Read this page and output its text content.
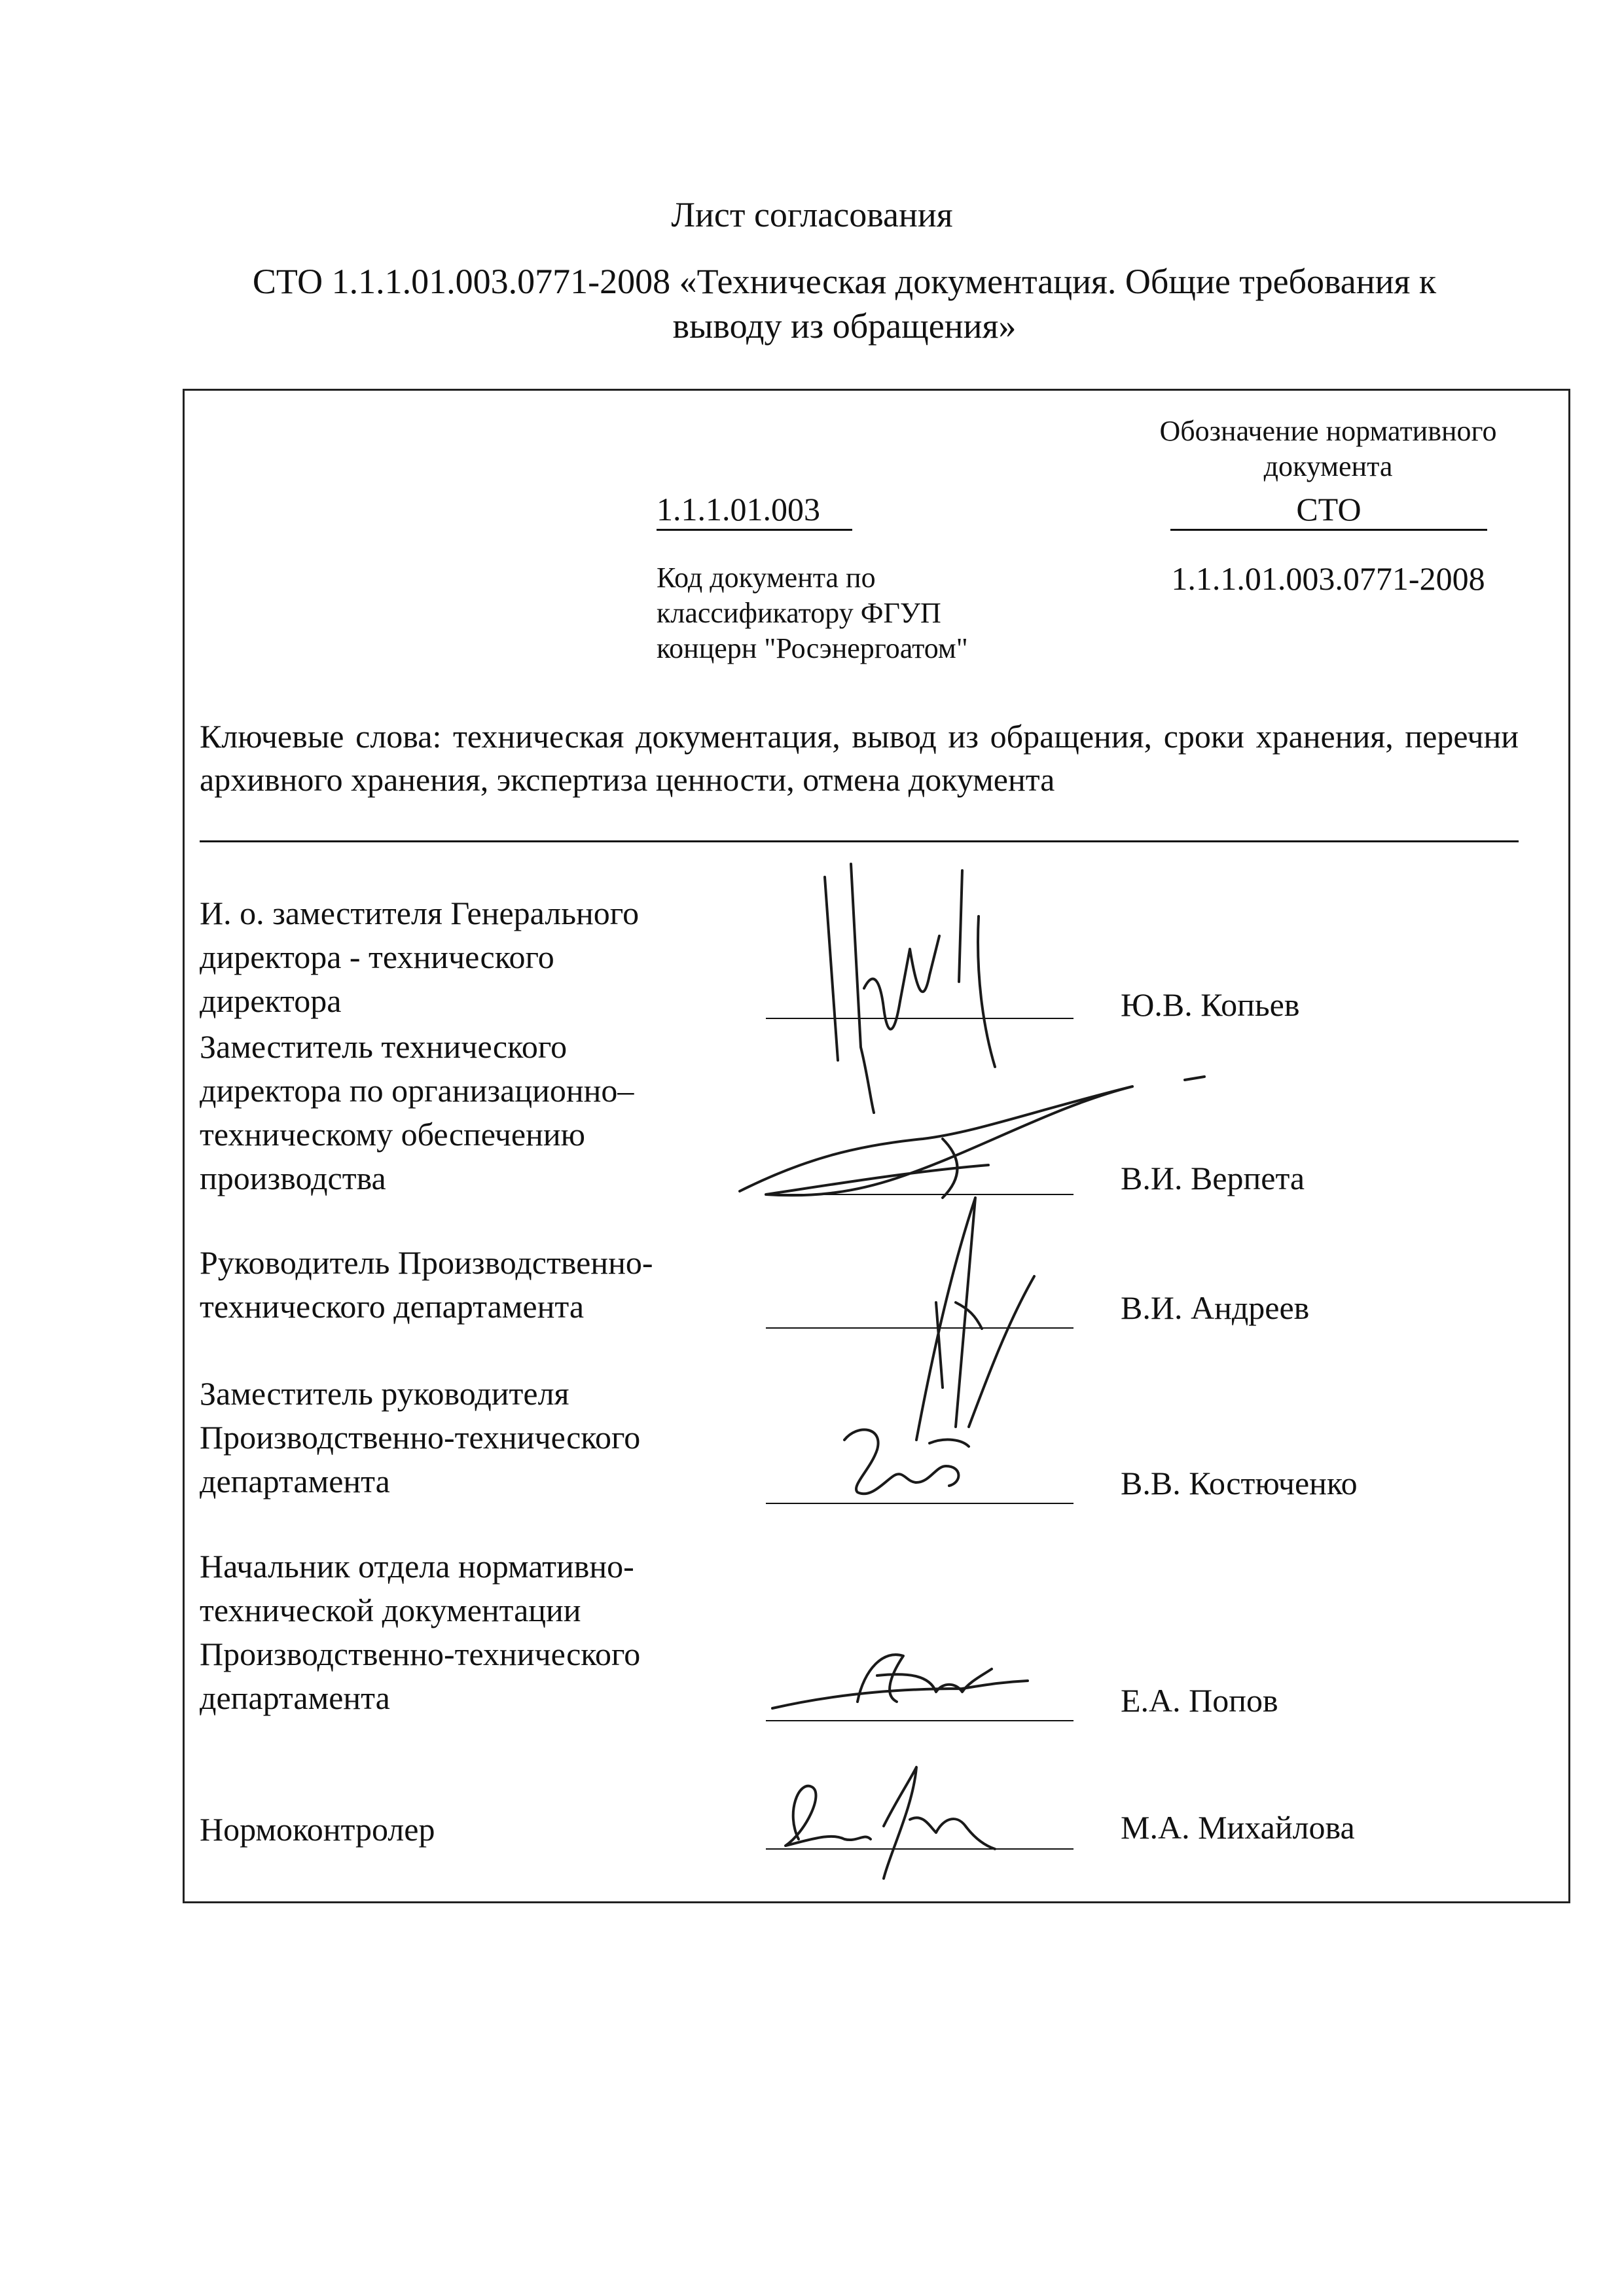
Лист согласования
СТО 1.1.1.01.003.0771-2008 «Техническая документация. Общие требования к
выводу из обращения»
1.1.1.01.003
Код документа по
классификатору ФГУП
концерн "Росэнергоатом"
Обозначение нормативного
документа
СТО
1.1.1.01.003.0771-2008
Ключевые слова: техническая документация, вывод из обращения, сроки хранения, перечни архивного хранения, экспертиза ценности, отмена документа
И. о. заместителя Генерального
директора - технического
директора	Ю.В. Копьев
Заместитель технического
директора по организационно–
техническому обеспечению
производства	В.И. Верпета
Руководитель Производственно-
технического департамента	В.И. Андреев
Заместитель руководителя
Производственно-технического
департамента	В.В. Костюченко
Начальник отдела нормативно-
технической документации
Производственно-технического
департамента	Е.А. Попов
Нормоконтролер	М.А. Михайлова
